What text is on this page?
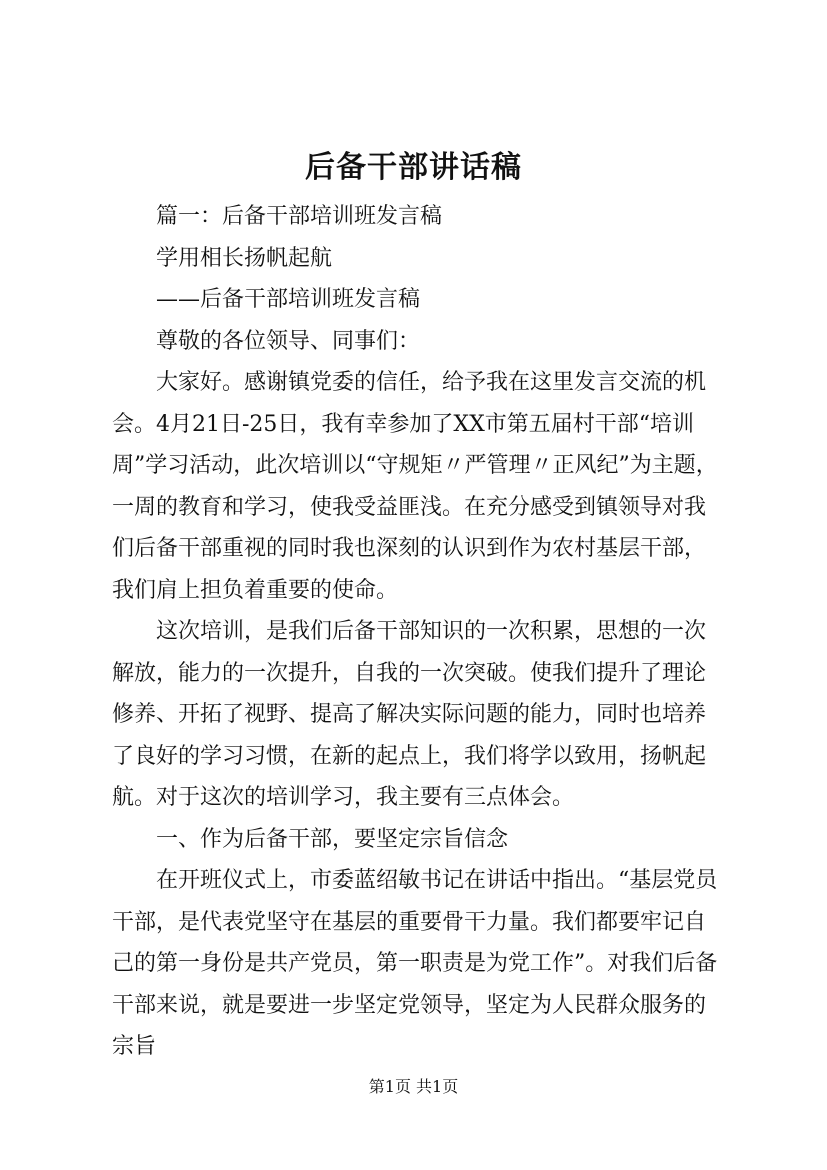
后备干部讲话稿

篇一：后备干部培训班发言稿

学用相长扬帆起航

——后备干部培训班发言稿

尊敬的各位领导、同事们：

大家好。感谢镇党委的信任，给予我在这里发言交流的机会。4月21日-25日，我有幸参加了XX市第五届村干部“培训周”学习活动，此次培训以“守规矩〃严管理〃正风纪”为主题，一周的教育和学习，使我受益匪浅。在充分感受到镇领导对我们后备干部重视的同时我也深刻的认识到作为农村基层干部，我们肩上担负着重要的使命。

这次培训，是我们后备干部知识的一次积累，思想的一次解放，能力的一次提升，自我的一次突破。使我们提升了理论修养、开拓了视野、提高了解决实际问题的能力，同时也培养了良好的学习习惯，在新的起点上，我们将学以致用，扬帆起航。对于这次的培训学习，我主要有三点体会。

一、作为后备干部，要坚定宗旨信念

在开班仪式上，市委蓝绍敏书记在讲话中指出。“基层党员干部，是代表党坚守在基层的重要骨干力量。我们都要牢记自己的第一身份是共产党员，第一职责是为党工作”。对我们后备干部来说，就是要进一步坚定党领导，坚定为人民群众服务的宗旨

第1页 共1页
